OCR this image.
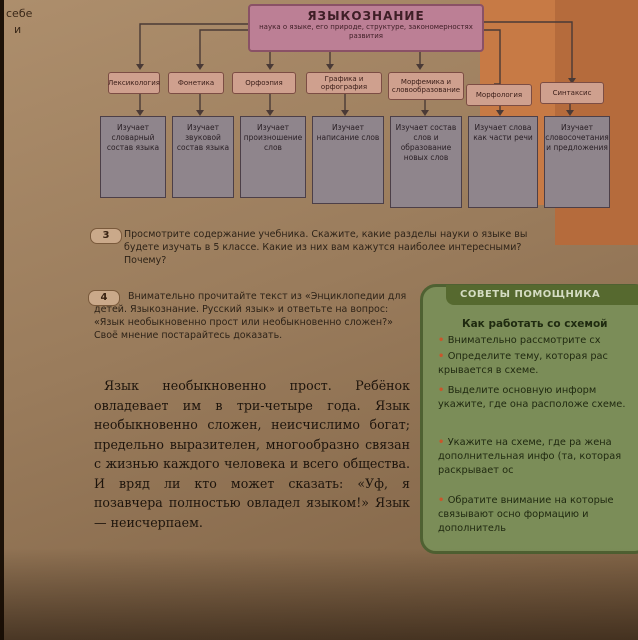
себе
и
ЯЗЫКОЗНАНИЕ
наука о языке, его природе, структуре, закономерностях развития
Лексикология	Фонетика	Орфоэпия	Графика и орфография
Морфемика и словообразование
Морфология	Синтаксис
Изучает словарный состав языка
Изучает звуковой состав языка
Изучает произношение слов
Изучает написание слов
Изучает состав слов и образование новых слов
Изучает слова как части речи
Изучает словосочетания и предложения
3	Просмотрите содержание учебника. Скажите, какие разделы науки о языке вы будете изучать в 5 классе. Какие из них вам кажутся наиболее интересными? Почему?
4	Внимательно прочитайте текст из «Энциклопедии для детей. Языкознание. Русский язык» и ответьте на вопрос: «Язык необыкновенно прост или необыкновенно сложен?» Своё мнение постарайтесь доказать.
Язык необыкновенно прост. Ребёнок овладевает им в три-четыре года. Язык необыкновенно сложен, неисчислимо богат; предельно выразителен, многообразно связан с жизнью каждого человека и всего общества. И вряд ли кто может сказать: «Уф, я позавчера полностью овладел языком!» Язык — неисчерпаем.
СОВЕТЫ ПОМОЩНИКА
Как работать со схемой
• Внимательно рассмотрите сх
• Определите тему, которая рас крывается в схеме.
• Выделите основную информ укажите, где она расположе схеме.
• Укажите на схеме, где ра жена дополнительная инфо (та, которая раскрывает ос
• Обратите внимание на которые связывают осно формацию и дополнитель
